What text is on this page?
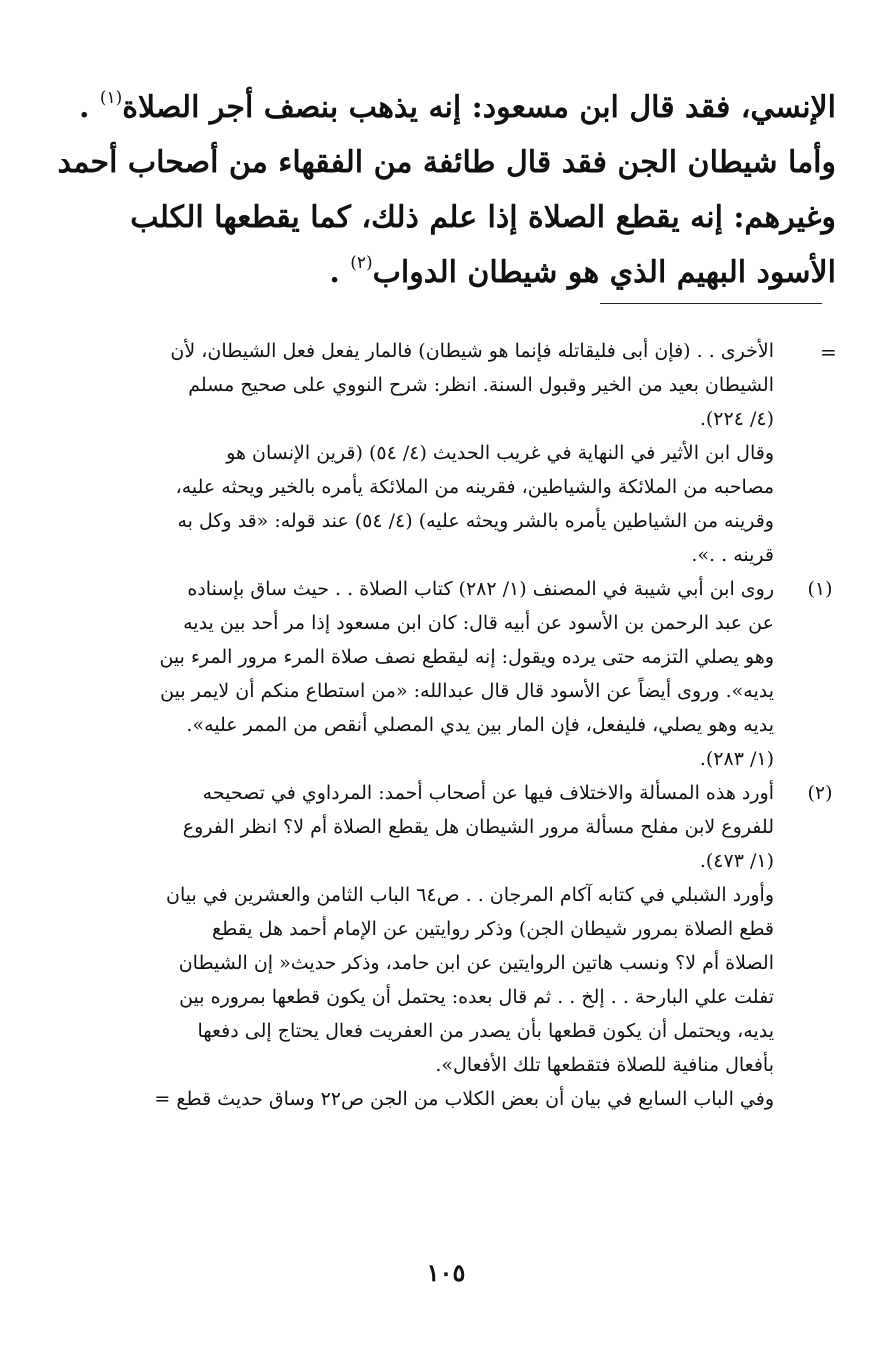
الإنسي، فقد قال ابن مسعود: إنه يذهب بنصف أجر الصلاة$^{(١)}$ .
وأما شيطان الجن فقد قال طائفة من الفقهاء من أصحاب أحمد
وغيرهم: إنه يقطع الصلاة إذا علم ذلك، كما يقطعها الكلب
الأسود البهيم الذي هو شيطان الدواب$^{(٢)}$ .
=
الأخرى . . (فإن أبى فليقاتله فإنما هو شيطان) فالمار يفعل فعل الشيطان، لأن
الشيطان بعيد من الخير وقبول السنة. انظر: شرح النووي على صحيح مسلم
(٤/ ٢٢٤).
وقال ابن الأثير في النهاية في غريب الحديث (٤/ ٥٤) (قرين الإنسان هو
مصاحبه من الملائكة والشياطين، فقرينه من الملائكة يأمره بالخير ويحثه عليه،
وقرينه من الشياطين يأمره بالشر ويحثه عليه) (٤/ ٥٤) عند قوله: «قد وكل به
قرينه . .».
(١)
روى ابن أبي شيبة في المصنف (١/ ٢٨٢) كتاب الصلاة . . حيث ساق بإسناده
عن عبد الرحمن بن الأسود عن أبيه قال: كان ابن مسعود إذا مر أحد بين يديه
وهو يصلي التزمه حتى يرده ويقول: إنه ليقطع نصف صلاة المرء مرور المرء بين
يديه». وروى أيضاً عن الأسود قال قال عبدالله: «من استطاع منكم أن لايمر بين
يديه وهو يصلي، فليفعل، فإن المار بين يدي المصلي أنقص من الممر عليه».
(١/ ٢٨٣).
(٢)
أورد هذه المسألة والاختلاف فيها عن أصحاب أحمد: المرداوي في تصحيحه
للفروع لابن مفلح مسألة مرور الشيطان هل يقطع الصلاة أم لا؟ انظر الفروع
(١/ ٤٧٣).
وأورد الشبلي في كتابه آكام المرجان . . ص٦٤ الباب الثامن والعشرين في بيان
قطع الصلاة بمرور شيطان الجن) وذكر روايتين عن الإمام أحمد هل يقطع
الصلاة أم لا؟ ونسب هاتين الروايتين عن ابن حامد، وذكر حديث« إن الشيطان
تفلت علي البارحة . . إلخ . . ثم قال بعده: يحتمل أن يكون قطعها بمروره بين
يديه، ويحتمل أن يكون قطعها بأن يصدر من العفريت فعال يحتاج إلى دفعها
بأفعال منافية للصلاة فتقطعها تلك الأفعال».
وفي الباب السابع في بيان أن بعض الكلاب من الجن ص٢٢ وساق حديث قطع =
١٠٥
